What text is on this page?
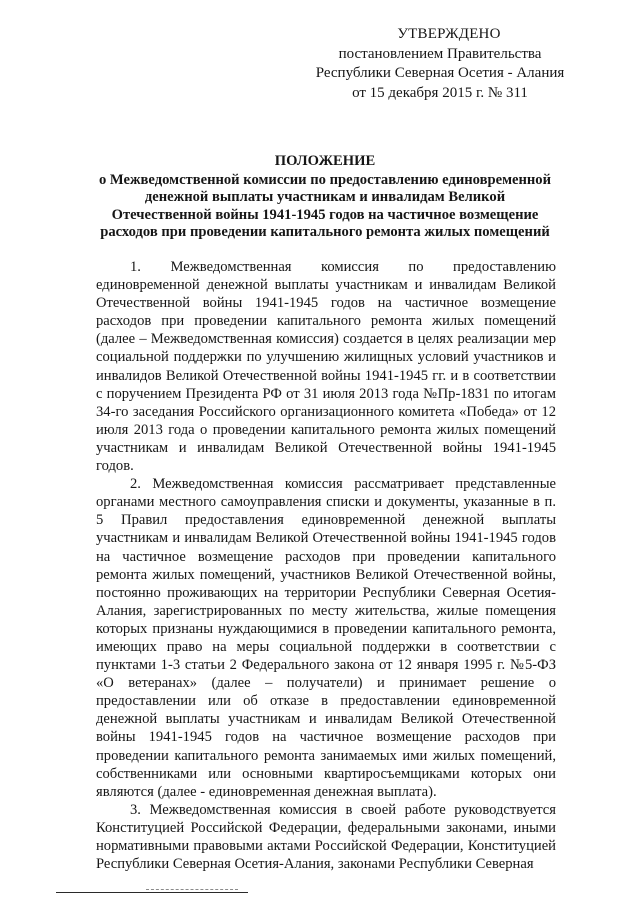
УТВЕРЖДЕНО
постановлением Правительства
Республики Северная Осетия - Алания
от 15 декабря 2015 г. № 311
ПОЛОЖЕНИЕ
о Межведомственной комиссии по предоставлению единовременной денежной выплаты участникам и инвалидам Великой Отечественной войны 1941-1945 годов на частичное возмещение расходов при проведении капитального ремонта жилых помещений

1. Межведомственная комиссия по предоставлению единовременной денежной выплаты участникам и инвалидам Великой Отечественной войны 1941-1945 годов на частичное возмещение расходов при проведении капитального ремонта жилых помещений (далее – Межведомственная комиссия) создается в целях реализации мер социальной поддержки по улучшению жилищных условий участников и инвалидов Великой Отечественной войны 1941-1945 гг. и в соответствии с поручением Президента РФ от 31 июля 2013 года №Пр-1831 по итогам 34-го заседания Российского организационного комитета «Победа» от 12 июля 2013 года о проведении капитального ремонта жилых помещений участникам и инвалидам Великой Отечественной войны 1941-1945 годов.

2. Межведомственная комиссия рассматривает представленные органами местного самоуправления списки и документы, указанные в п. 5 Правил предоставления единовременной денежной выплаты участникам и инвалидам Великой Отечественной войны 1941-1945 годов на частичное возмещение расходов при проведении капитального ремонта жилых помещений, участников Великой Отечественной войны, постоянно проживающих на территории Республики Северная Осетия-Алания, зарегистрированных по месту жительства, жилые помещения которых признаны нуждающимися в проведении капитального ремонта, имеющих право на меры социальной поддержки в соответствии с пунктами 1-3 статьи 2 Федерального закона от 12 января 1995 г. №5-ФЗ «О ветеранах» (далее – получатели) и принимает решение о предоставлении или об отказе в предоставлении единовременной денежной выплаты участникам и инвалидам Великой Отечественной войны 1941-1945 годов на частичное возмещение расходов при проведении капитального ремонта занимаемых ими жилых помещений, собственниками или основными квартиросъемщиками которых они являются (далее - единовременная денежная выплата).

3. Межведомственная комиссия в своей работе руководствуется Конституцией Российской Федерации, федеральными законами, иными нормативными правовыми актами Российской Федерации, Конституцией Республики Северная Осетия-Алания, законами Республики Северная
